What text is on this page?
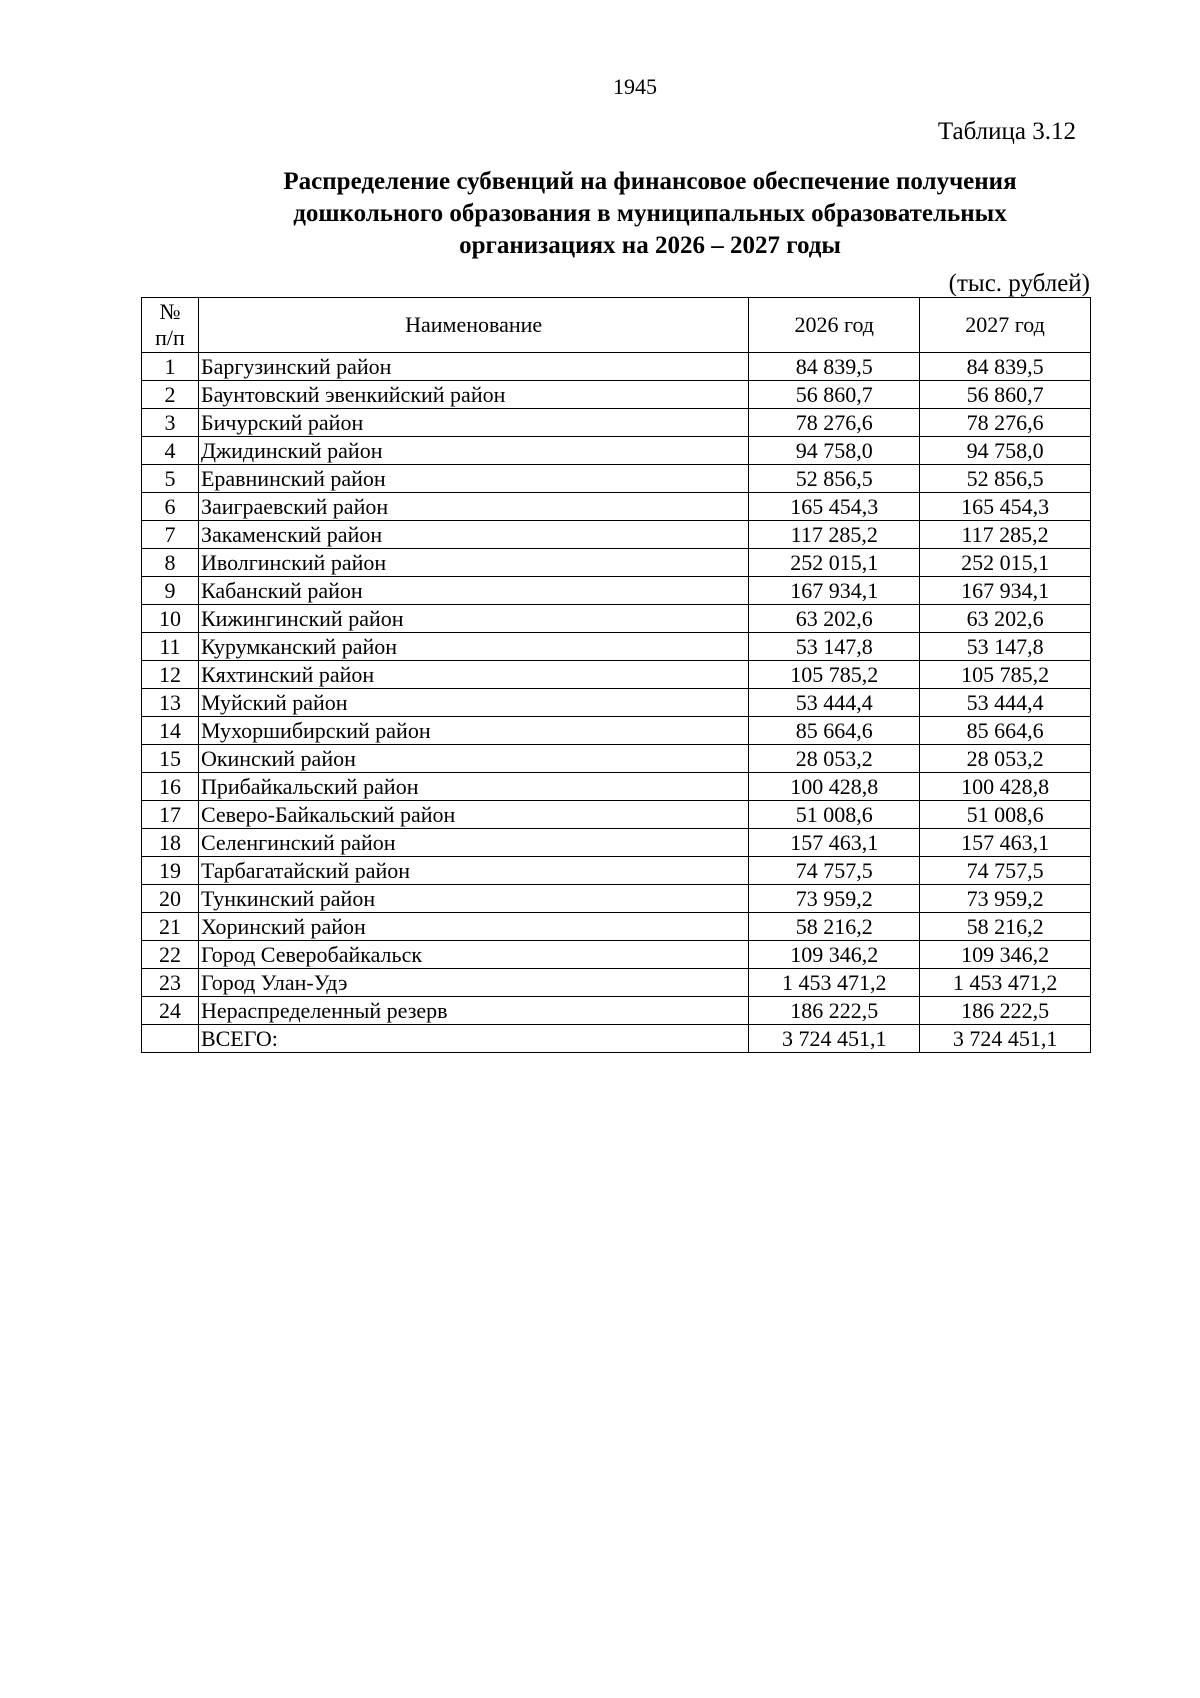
1945
Таблица 3.12
Распределение субвенций на финансовое обеспечение получения
дошкольного образования в муниципальных образовательных
организациях на 2026 – 2027 годы
(тыс. рублей)
№
п/п	Наименование	2026 год	2027 год
1	Баргузинский район	84 839,5	84 839,5
2	Баунтовский эвенкийский район	56 860,7	56 860,7
3	Бичурский район	78 276,6	78 276,6
4	Джидинский район	94 758,0	94 758,0
5	Еравнинский район	52 856,5	52 856,5
6	Заиграевский район	165 454,3	165 454,3
7	Закаменский район	117 285,2	117 285,2
8	Иволгинский район	252 015,1	252 015,1
9	Кабанский район	167 934,1	167 934,1
10	Кижингинский район	63 202,6	63 202,6
11	Курумканский район	53 147,8	53 147,8
12	Кяхтинский район	105 785,2	105 785,2
13	Муйский район	53 444,4	53 444,4
14	Мухоршибирский район	85 664,6	85 664,6
15	Окинский район	28 053,2	28 053,2
16	Прибайкальский район	100 428,8	100 428,8
17	Северо-Байкальский район	51 008,6	51 008,6
18	Селенгинский район	157 463,1	157 463,1
19	Тарбагатайский район	74 757,5	74 757,5
20	Тункинский район	73 959,2	73 959,2
21	Хоринский район	58 216,2	58 216,2
22	Город Северобайкальск	109 346,2	109 346,2
23	Город Улан-Удэ	1 453 471,2	1 453 471,2
24	Нераспределенный резерв	186 222,5	186 222,5
	ВСЕГО:	3 724 451,1	3 724 451,1
